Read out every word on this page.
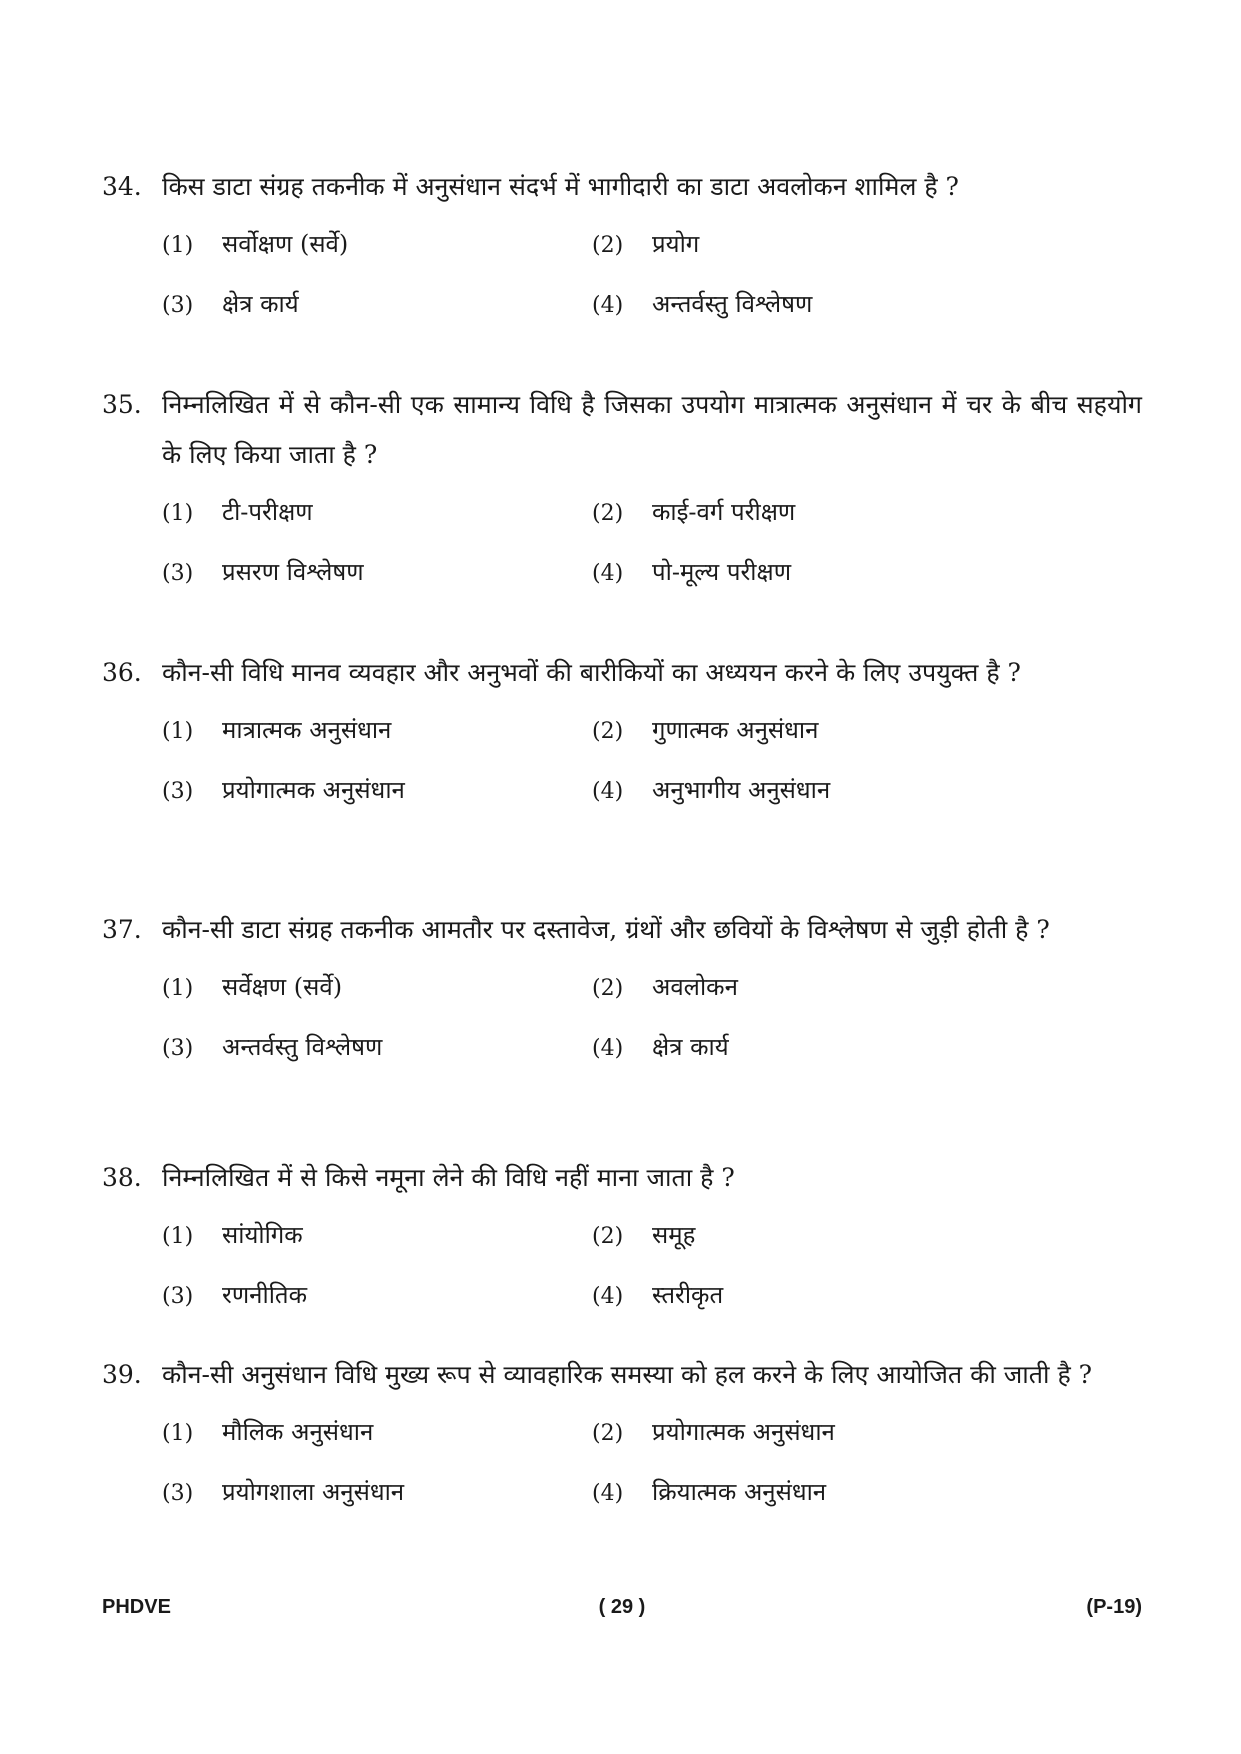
34. किस डाटा संग्रह तकनीक में अनुसंधान संदर्भ में भागीदारी का डाटा अवलोकन शामिल है ?
(1)	सर्वोक्षण (सर्वे)	(2)	प्रयोग
(3)	क्षेत्र कार्य	(4)	अन्तर्वस्तु विश्लेषण
35. निम्नलिखित में से कौन-सी एक सामान्य विधि है जिसका उपयोग मात्रात्मक अनुसंधान में चर के बीच सहयोग के लिए किया जाता है ?
(1)	टी-परीक्षण	(2)	काई-वर्ग परीक्षण
(3)	प्रसरण विश्लेषण	(4)	पो-मूल्य परीक्षण
36. कौन-सी विधि मानव व्यवहार और अनुभवों की बारीकियों का अध्ययन करने के लिए उपयुक्त है ?
(1)	मात्रात्मक अनुसंधान	(2)	गुणात्मक अनुसंधान
(3)	प्रयोगात्मक अनुसंधान	(4)	अनुभागीय अनुसंधान
37. कौन-सी डाटा संग्रह तकनीक आमतौर पर दस्तावेज, ग्रंथों और छवियों के विश्लेषण से जुड़ी होती है ?
(1)	सर्वेक्षण (सर्वे)	(2)	अवलोकन
(3)	अन्तर्वस्तु विश्लेषण	(4)	क्षेत्र कार्य
38. निम्नलिखित में से किसे नमूना लेने की विधि नहीं माना जाता है ?
(1)	सांयोगिक	(2)	समूह
(3)	रणनीतिक	(4)	स्तरीकृत
39. कौन-सी अनुसंधान विधि मुख्य रूप से व्यावहारिक समस्या को हल करने के लिए आयोजित की जाती है ?
(1)	मौलिक अनुसंधान	(2)	प्रयोगात्मक अनुसंधान
(3)	प्रयोगशाला अनुसंधान	(4)	क्रियात्मक अनुसंधान
PHDVE	( 29 )	(P-19)
